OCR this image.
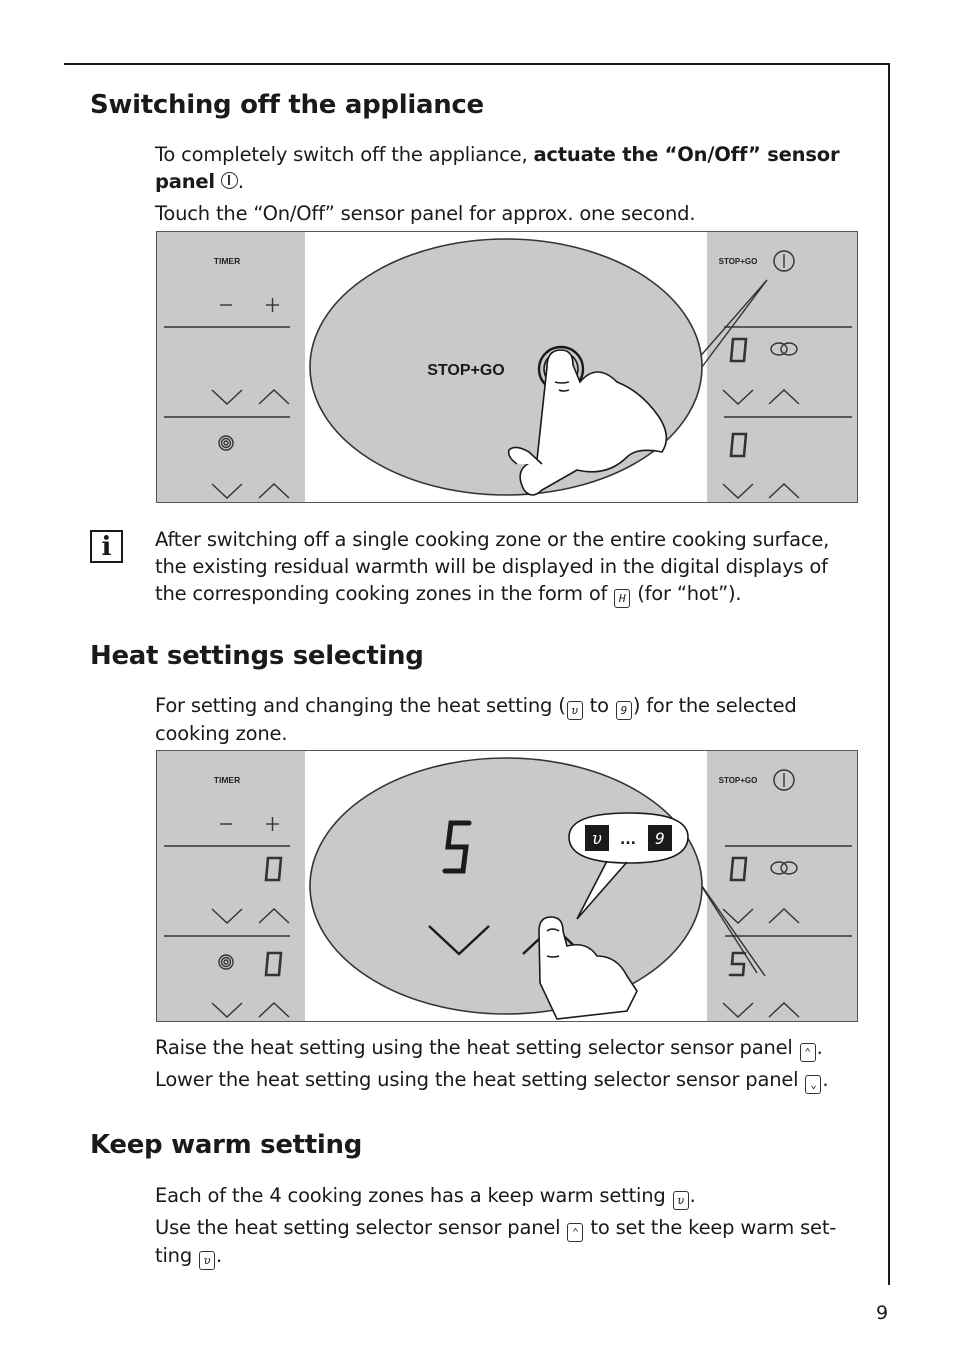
Switching off the appliance

To completely switch off the appliance, actuate the “On/Off” sensor panel .

Touch the “On/Off” sensor panel for approx. one second.

TIMER	STOP+GO
STOP+GO
i	After switching off a single cooking zone or the entire cooking surface, the existing residual warmth will be displayed in the digital displays of the corresponding cooking zones in the form of H (for “hot”).

Heat settings selecting

For setting and changing the heat setting ( υ to 9 ) for the selected cooking zone.

TIMER	STOP+GO
υ ... 9

Raise the heat setting using the heat setting selector sensor panel ⌃ .

Lower the heat setting using the heat setting selector sensor panel ⌄ .

Keep warm setting

Each of the 4 cooking zones has a keep warm setting υ .

Use the heat setting selector sensor panel ⌃ to set the keep warm set-ting υ .

9
